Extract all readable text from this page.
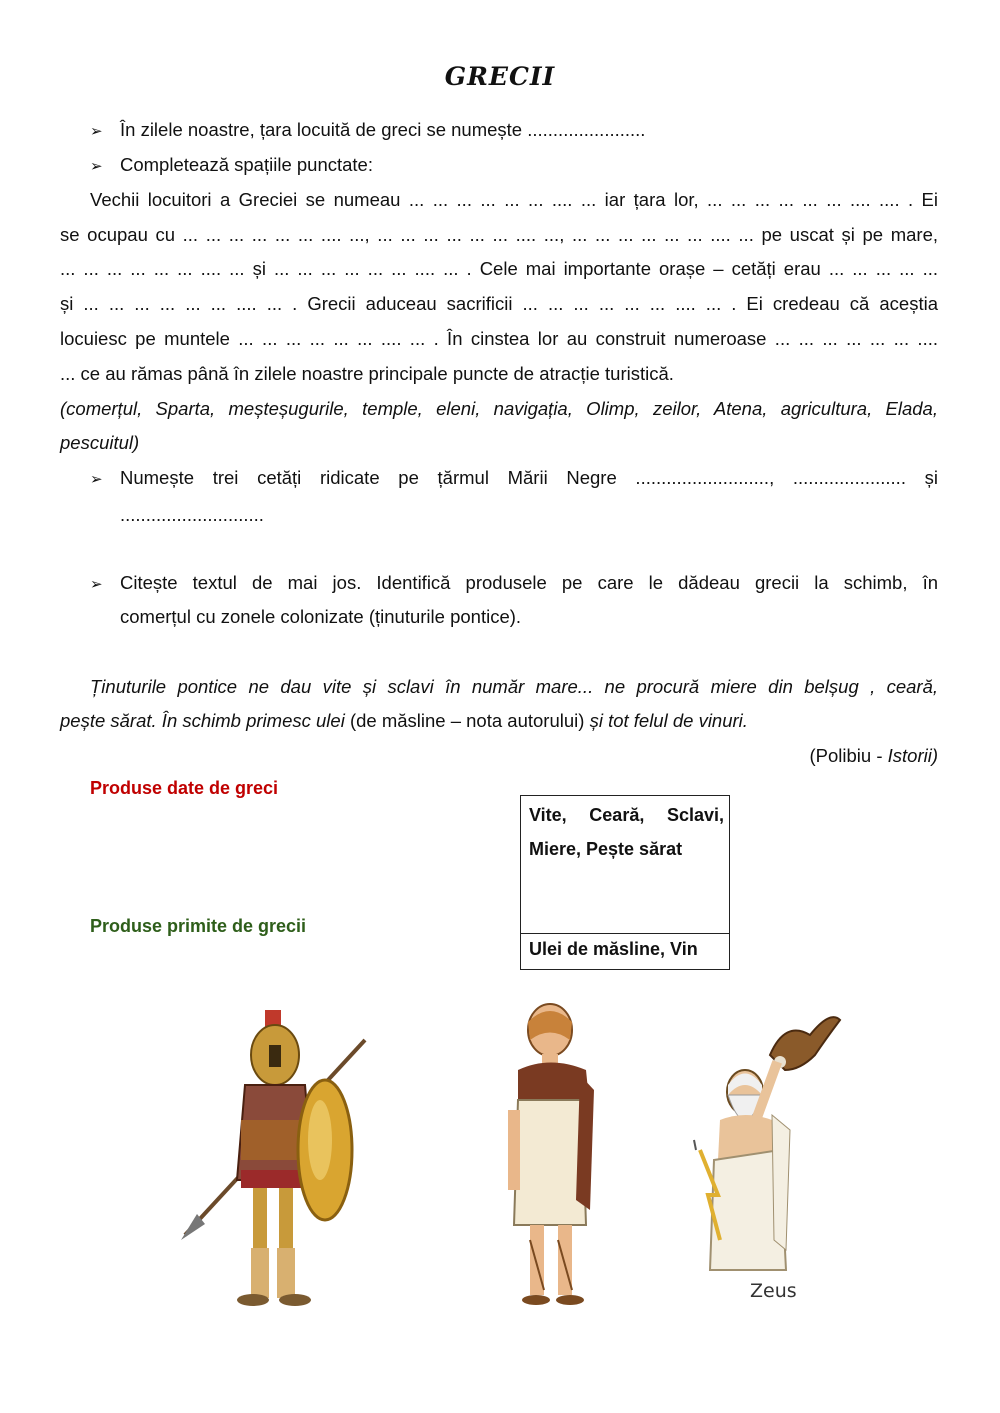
GRECII
➢ În zilele noastre, țara locuită de greci se numește .......................
➢ Completează spațiile punctate:
Vechii locuitori a Greciei se numeau ... ... ... ... ... ... .... ... iar țara lor, ... ... ... ... ... ... .... .... . Ei
se ocupau cu ... ... ... ... ... ... .... ..., ... ... ... ... ... ... .... ..., ... ... ... ... ... ... .... ... pe uscat și pe mare,
... ... ... ... ... ... .... ... și ... ... ... ... ... ... .... ... . Cele mai importante orașe – cetăți erau ... ... ... ... ...
și ... ... ... ... ... ... .... ... . Grecii aduceau sacrificii ... ... ... ... ... ... .... ... . Ei credeau că aceștia
locuiesc pe muntele ... ... ... ... ... ... .... ... . În cinstea lor au construit numeroase ... ... ... ... ... ... ....
... ce au rămas până în zilele noastre principale puncte de atracție turistică.
(comerțul, Sparta, meșteșugurile, temple, eleni, navigația, Olimp, zeilor, Atena, agricultura, Elada,
pescuitul)
➢ Numește trei cetăți ridicate pe țărmul Mării Negre .........................., ...................... și
............................
➢ Citește textul de mai jos. Identifică produsele pe care le dădeau grecii la schimb, în
comerțul cu zonele colonizate (ținuturile pontice).
Ținuturile pontice ne dau vite și sclavi în număr mare... ne procură miere din belșug , ceară,
pește sărat. În schimb primesc ulei (de măsline – nota autorului) și tot felul de vinuri.
(Polibiu - Istorii)
Produse date de greci
Produse primite de grecii
Vite, Ceară, Sclavi,
Miere, Pește sărat
Ulei de măsline, Vin
Zeus
